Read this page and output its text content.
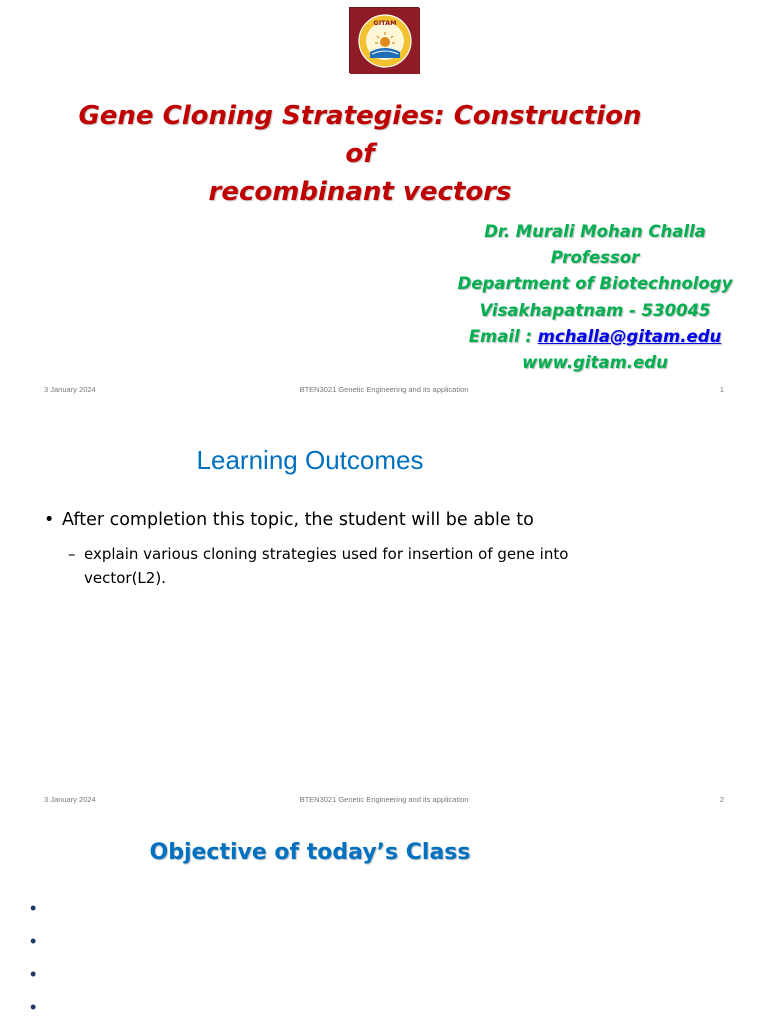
GITAM
Gene Cloning Strategies: Construction of
recombinant vectors
Dr. Murali Mohan Challa
Professor
Department of Biotechnology
Visakhapatnam - 530045
Email : mchalla@gitam.edu
www.gitam.edu
3 January 2024	BTEN3021 Genetic Engineering and its application	1
Learning Outcomes
• After completion this topic, the student will be able to
– explain various cloning strategies used for insertion of gene into vector(L2).
3 January 2024	BTEN3021 Genetic Engineering and its application	2
Objective of today’s Class
•
•
•
•
